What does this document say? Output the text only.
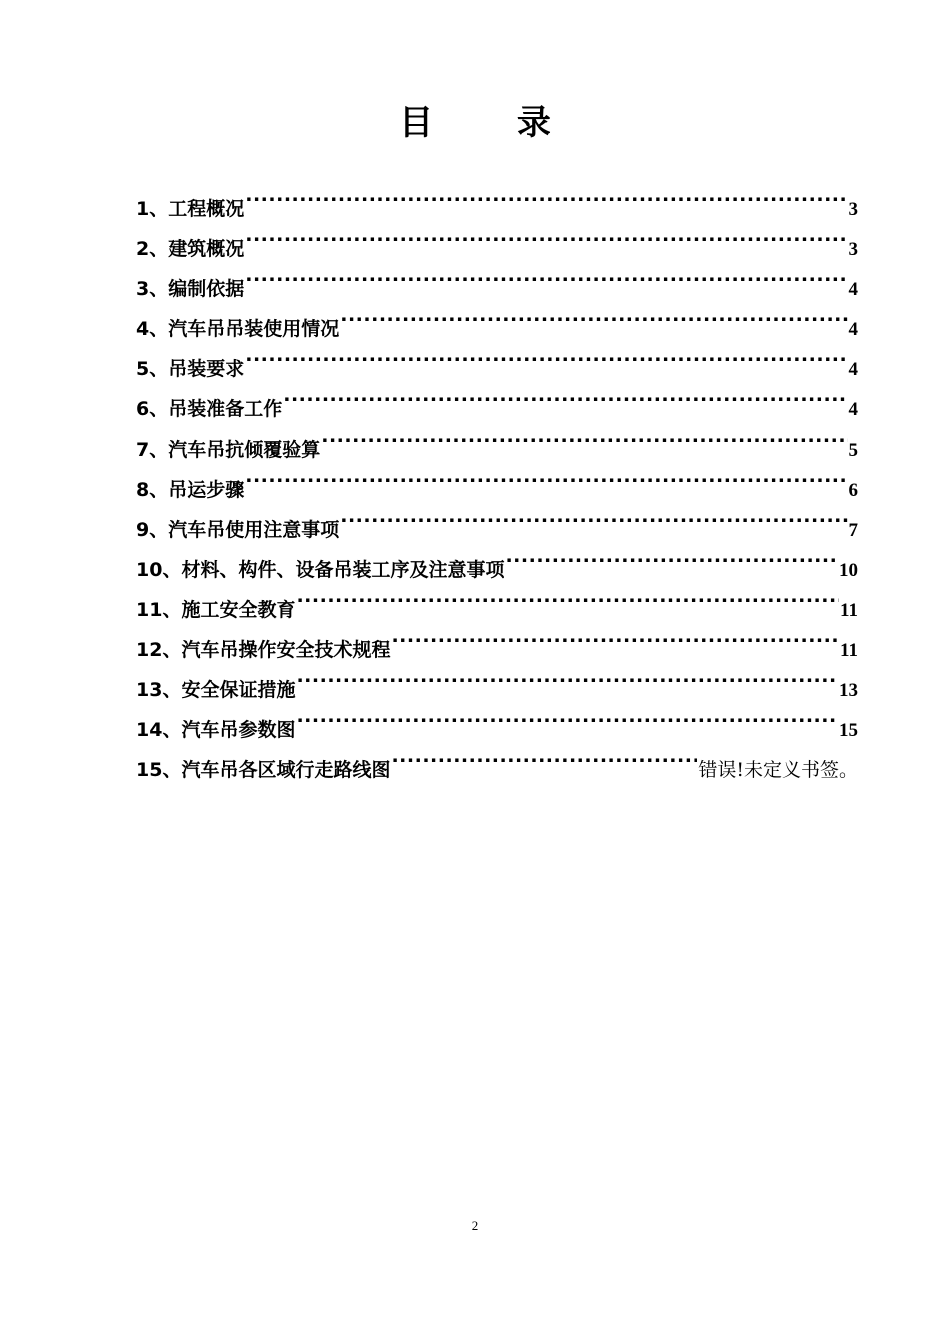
目 录
1、工程概况 .....	3
2、建筑概况 .....	3
3、编制依据 .....	4
4、汽车吊吊装使用情况 .....	4
5、吊装要求 .....	4
6、吊装准备工作 .....	4
7、汽车吊抗倾覆验算 .....	5
8、吊运步骤 .....	6
9、汽车吊使用注意事项 .....	7
10、材料、构件、设备吊装工序及注意事项 .....	10
11、施工安全教育 .....	11
12、汽车吊操作安全技术规程 .....	11
13、安全保证措施 .....	13
14、汽车吊参数图 .....	15
15、汽车吊各区域行走路线图 .....	错误!未定义书签。
2
